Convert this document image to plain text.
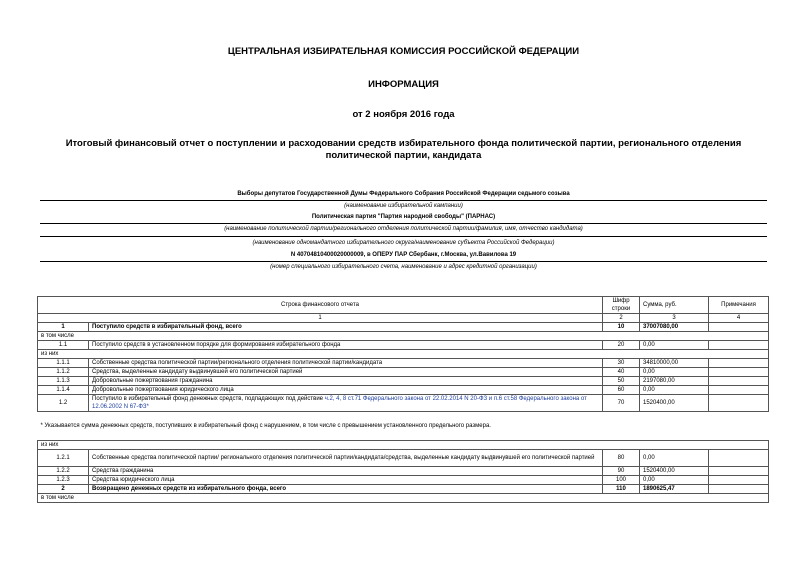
ЦЕНТРАЛЬНАЯ ИЗБИРАТЕЛЬНАЯ КОМИССИЯ РОССИЙСКОЙ ФЕДЕРАЦИИ
ИНФОРМАЦИЯ
от 2 ноября 2016 года
Итоговый финансовый отчет о поступлении и расходовании средств избирательного фонда политической партии, регионального отделения политической партии, кандидата
Выборы депутатов Государственной Думы Федерального Собрания Российской Федерации седьмого созыва
(наименование избирательной кампании)
Политическая партия "Партия народной свободы" (ПАРНАС)
(наименование политической партии/регионального отделения политической партии/фамилия, имя, отчество кандидата)
(наименование одномандатного избирательного округа/наименование субъекта Российской Федерации)
N 40704810400020000009, в ОПЕРУ ПАР Сбербанк, г.Москва, ул.Вавилова 19
(номер специального избирательного счета, наименование и адрес кредитной организации)
Строка финансового отчета		Шифр строки	Сумма, руб.	Примечания
1		2	3	4
1	Поступило средств в избирательный фонд, всего	10	37007080,00	
в том числе				
1.1	Поступило средств в установленном порядке для формирования избирательного фонда	20	0,00	
из них				
1.1.1	Собственные средства политической партии/регионального отделения политической партии/кандидата	30	34810000,00	
1.1.2	Средства, выделенные кандидату выдвинувшей его политической партией	40	0,00	
1.1.3	Добровольные пожертвования гражданина	50	2197080,00	
1.1.4	Добровольные пожертвования юридического лица	60	0,00	
1.2	Поступило в избирательный фонд денежных средств, подпадающих под действие ч.2, 4, 8 ст.71 Федерального закона от 22.02.2014 N 20-ФЗ и п.6 ст.58 Федерального закона от 12.06.2002 N 67-ФЗ*	70	1520400,00	
* Указывается сумма денежных средств, поступивших в избирательный фонд с нарушением, в том числе с превышением установленного предельного размера.				
из них				
1.2.1	Собственные средства политической партии/ регионального отделения политической партии/кандидата/средства, выделенные кандидату выдвинувшей его политической партией	80	0,00	
1.2.2	Средства гражданина	90	1520400,00	
1.2.3	Средства юридического лица	100	0,00	
2	Возвращено денежных средств из избирательного фонда, всего	110	1890625,47	
в том числе				
